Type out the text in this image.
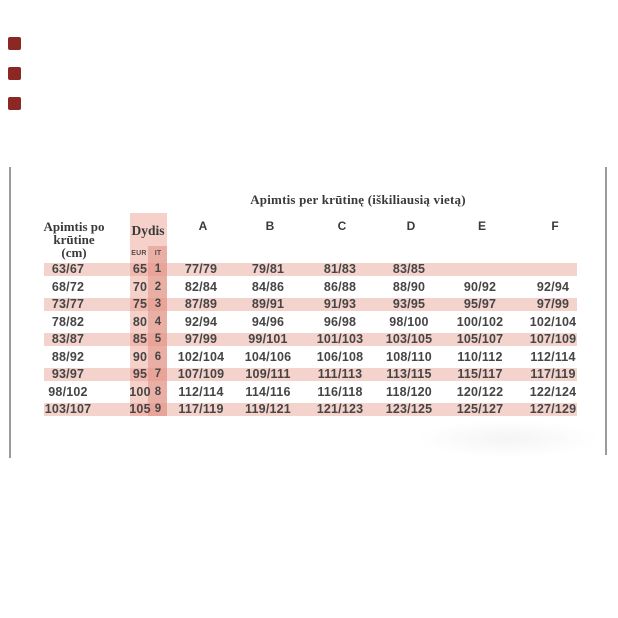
Apimtis per krūtinę (iškiliausią vietą)
Apimtis po
krūtine
(cm)
Dydis
EUR IT
A	B	C	D	E	F
63/67	65 1 77/79	79/81	81/83	83/85
68/72	70 2 82/84	84/86	86/88	88/90	90/92	92/94
73/77	75 3 87/89	89/91	91/93	93/95	95/97	97/99
78/82	80 4 92/94	94/96	96/98	98/100 100/102 102/104
83/87	85 5 97/99 99/101 101/103 103/105 105/107 107/109
88/92	90 6 102/104 104/106 106/108 108/110 110/112 112/114
93/97	95 7 107/109 109/111 111/113 113/115 115/117 117/119
98/102	100 8 112/114 114/116 116/118 118/120 120/122 122/124
103/107	105 9 117/119 119/121 121/123 123/125 125/127 127/129
